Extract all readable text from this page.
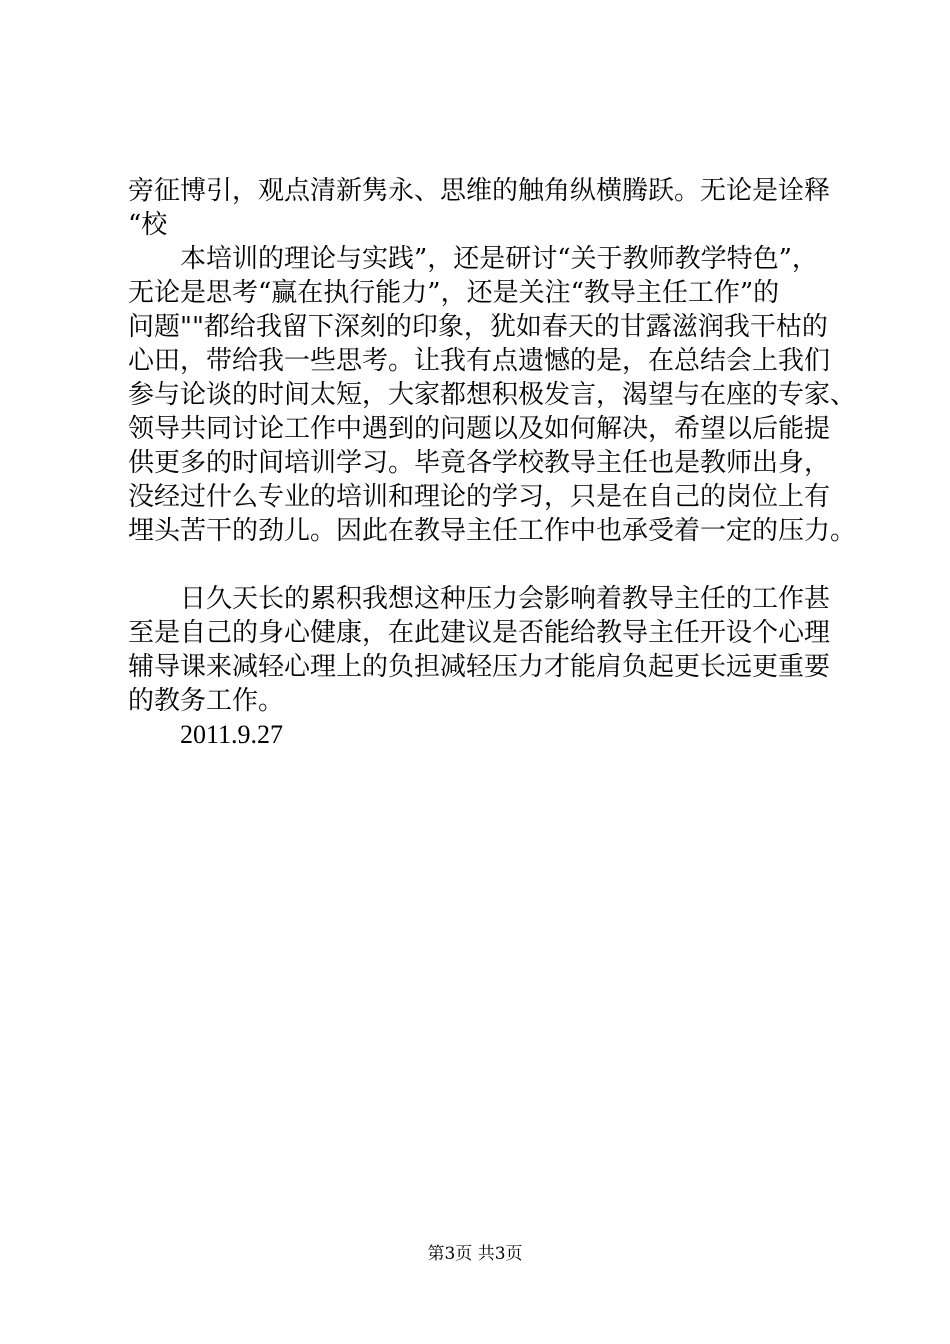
旁征博引，观点清新隽永、思维的触角纵横腾跃。无论是诠释
“校
本培训的理论与实践”，还是研讨“关于教师教学特色”，
无论是思考“赢在执行能力”，还是关注“教导主任工作”的
问题""都给我留下深刻的印象，犹如春天的甘露滋润我干枯的
心田，带给我一些思考。让我有点遗憾的是，在总结会上我们
参与论谈的时间太短，大家都想积极发言，渴望与在座的专家、
领导共同讨论工作中遇到的问题以及如何解决，希望以后能提
供更多的时间培训学习。毕竟各学校教导主任也是教师出身，
没经过什么专业的培训和理论的学习，只是在自己的岗位上有
埋头苦干的劲儿。因此在教导主任工作中也承受着一定的压力。
日久天长的累积我想这种压力会影响着教导主任的工作甚
至是自己的身心健康，在此建议是否能给教导主任开设个心理
辅导课来减轻心理上的负担减轻压力才能肩负起更长远更重要
的教务工作。
2011.9.27
第3页 共3页
